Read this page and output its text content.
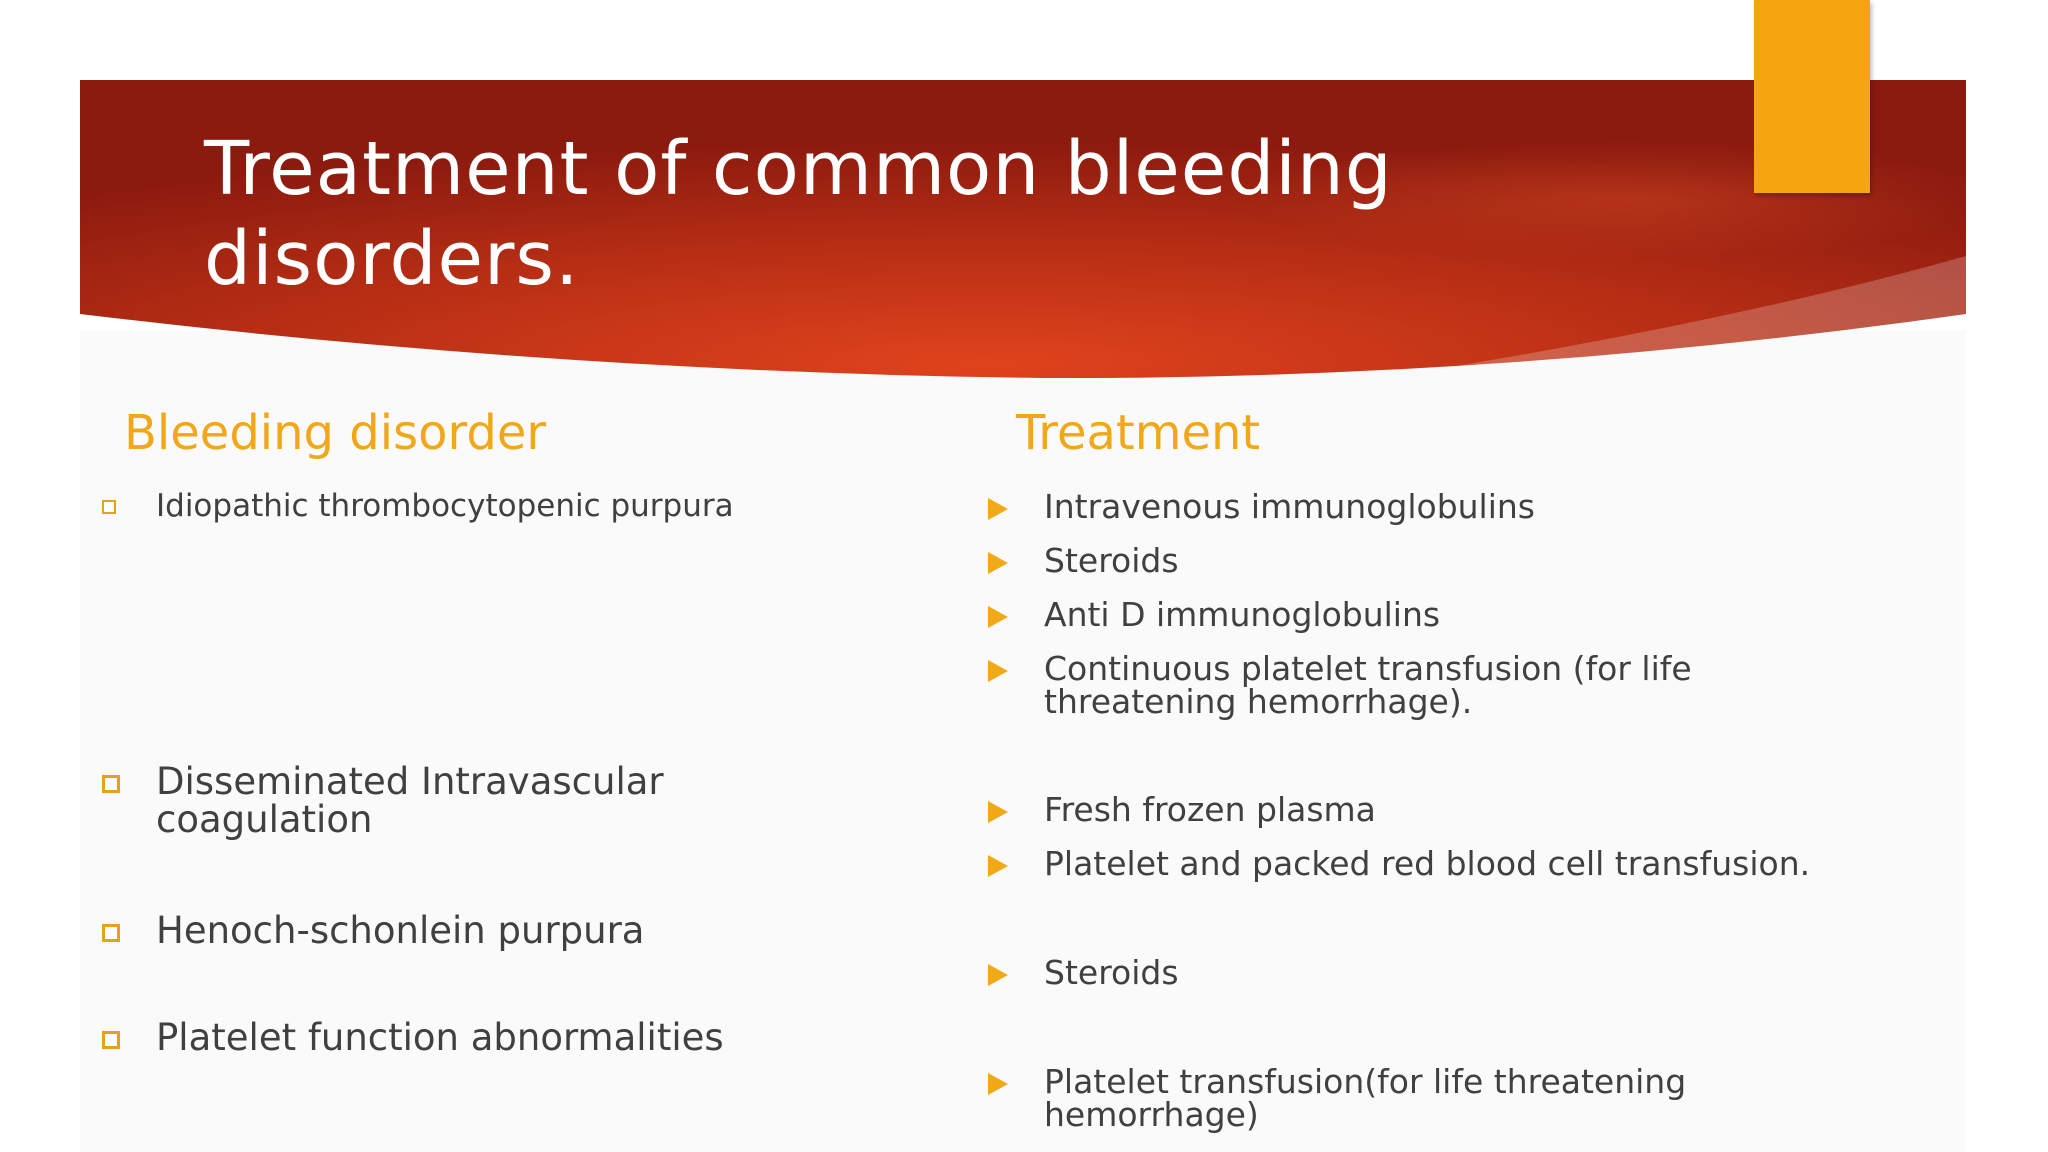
Treatment of common bleeding disorders.
Bleeding disorder	Treatment
Idiopathic thrombocytopenic purpura
Disseminated Intravascular coagulation
Henoch-schonlein purpura
Platelet function abnormalities
Intravenous immunoglobulins
Steroids
Anti D immunoglobulins
Continuous platelet transfusion (for life threatening hemorrhage).
Fresh frozen plasma
Platelet and packed red blood cell transfusion.
Steroids
Platelet transfusion(for life threatening hemorrhage)
